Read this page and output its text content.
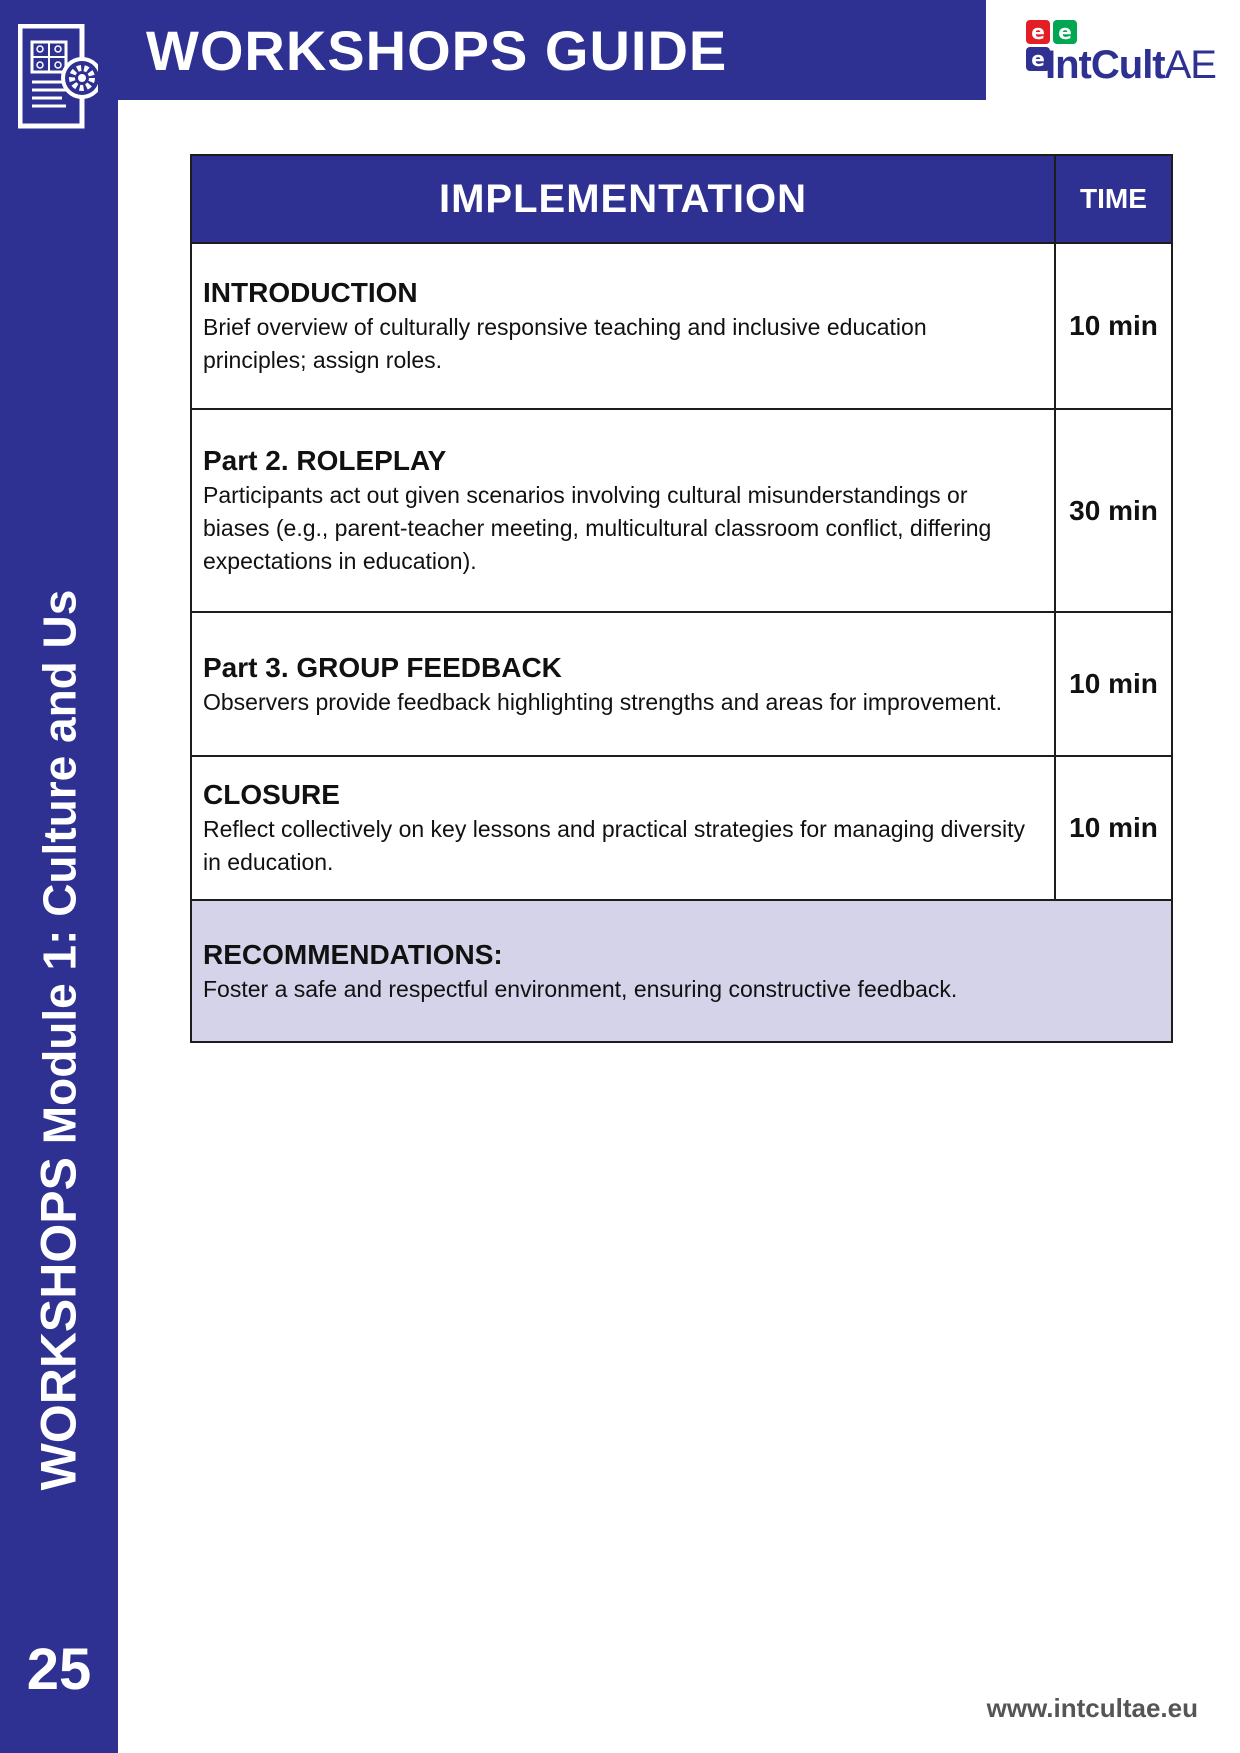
WORKSHOPS GUIDE	e e
e IntCultAE
WORKSHOPS Module 1: Culture and Us
25
IMPLEMENTATION	TIME

INTRODUCTION
Brief overview of culturally responsive teaching and inclusive education principles; assign roles.	10 min

Part 2. ROLEPLAY
Participants act out given scenarios involving cultural misunderstandings or biases (e.g., parent-teacher meeting, multicultural classroom conflict, differing expectations in education).	30 min

Part 3. GROUP FEEDBACK
Observers provide feedback highlighting strengths and areas for improvement.	10 min

CLOSURE
Reflect collectively on key lessons and practical strategies for managing diversity in education.	10 min

RECOMMENDATIONS:
Foster a safe and respectful environment, ensuring constructive feedback.	
www.intcultae.eu
